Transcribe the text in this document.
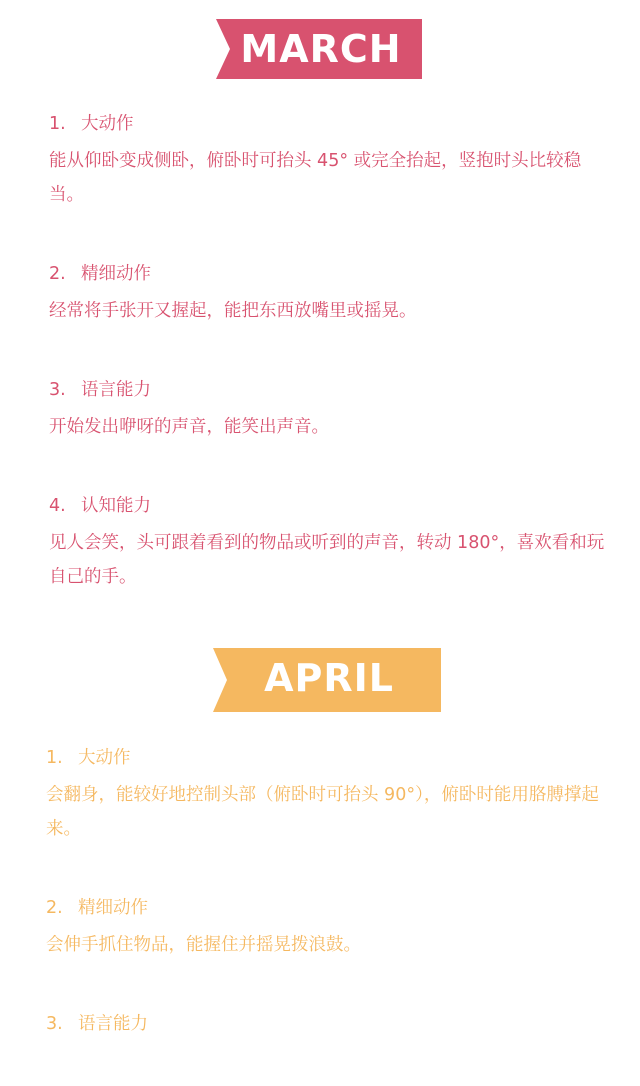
MARCH
1. 大动作

能从仰卧变成侧卧，俯卧时可抬头 45° 或完全抬起，竖抱时头比较稳当。

2. 精细动作

经常将手张开又握起，能把东西放嘴里或摇晃。

3. 语言能力

开始发出咿呀的声音，能笑出声音。

4. 认知能力

见人会笑，头可跟着看到的物品或听到的声音，转动 180°，喜欢看和玩自己的手。

APRIL
1. 大动作

会翻身，能较好地控制头部（俯卧时可抬头 90°），俯卧时能用胳膊撑起来。

2. 精细动作

会伸手抓住物品，能握住并摇晃拨浪鼓。

3. 语言能力
